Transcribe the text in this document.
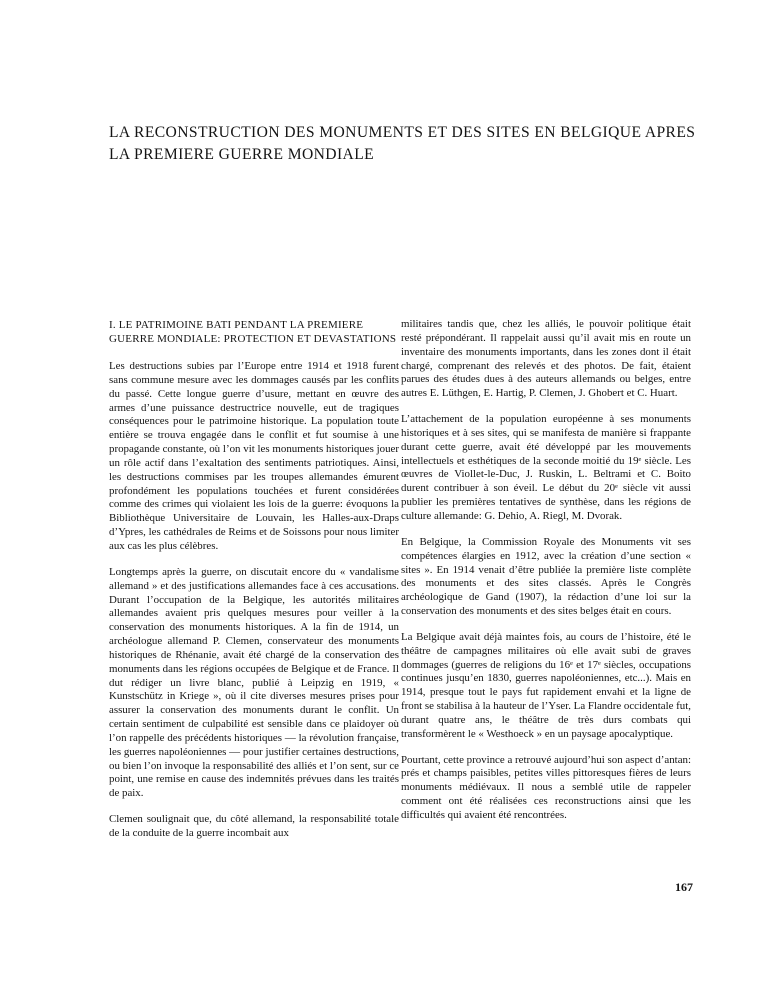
LA RECONSTRUCTION DES MONUMENTS ET DES SITES EN BELGIQUE APRES LA PREMIERE GUERRE MONDIALE
I. LE PATRIMOINE BATI PENDANT LA PREMIERE GUERRE MONDIALE: PROTECTION ET DEVASTATIONS

Les destructions subies par l’Europe entre 1914 et 1918 furent sans commune mesure avec les dommages causés par les conflits du passé. Cette longue guerre d’usure, mettant en œuvre des armes d’une puissance destructrice nouvelle, eut de tragiques conséquences pour le patrimoine historique. La population toute entière se trouva engagée dans le conflit et fut soumise à une propagande constante, où l’on vit les monuments historiques jouer un rôle actif dans l’exaltation des sentiments patriotiques. Ainsi, les destructions commises par les troupes allemandes émurent profondément les populations touchées et furent considérées comme des crimes qui violaient les lois de la guerre: évoquons la Bibliothèque Universitaire de Louvain, les Halles-aux-Draps d’Ypres, les cathédrales de Reims et de Soissons pour nous limiter aux cas les plus célèbres.

Longtemps après la guerre, on discutait encore du « vandalisme allemand » et des justifications allemandes face à ces accusations. Durant l’occupation de la Belgique, les autorités militaires allemandes avaient pris quelques mesures pour veiller à la conservation des monuments historiques. A la fin de 1914, un archéologue allemand P. Clemen, conservateur des monuments historiques de Rhénanie, avait été chargé de la conservation des monuments dans les régions occupées de Belgique et de France. Il dut rédiger un livre blanc, publié à Leipzig en 1919, « Kunstschütz in Kriege », où il cite diverses mesures prises pour assurer la conservation des monuments durant le conflit. Un certain sentiment de culpabilité est sensible dans ce plaidoyer où l’on rappelle des précédents historiques — la révolution française, les guerres napoléoniennes — pour justifier certaines destructions, ou bien l’on invoque la responsabilité des alliés et l’on sent, sur ce point, une remise en cause des indemnités prévues dans les traités de paix.

Clemen soulignait que, du côté allemand, la responsabilité totale de la conduite de la guerre incombait aux

militaires tandis que, chez les alliés, le pouvoir politique était resté prépondérant. Il rappelait aussi qu’il avait mis en route un inventaire des monuments importants, dans les zones dont il était chargé, comprenant des relevés et des photos. De fait, étaient parues des études dues à des auteurs allemands ou belges, entre autres E. Lüthgen, E. Hartig, P. Clemen, J. Ghobert et C. Huart.

L’attachement de la population européenne à ses monuments historiques et à ses sites, qui se manifesta de manière si frappante durant cette guerre, avait été développé par les mouvements intellectuels et esthétiques de la seconde moitié du 19ᵉ siècle. Les œuvres de Viollet-le-Duc, J. Ruskin, L. Beltrami et C. Boito durent contribuer à son éveil. Le début du 20ᵉ siècle vit aussi publier les premières tentatives de synthèse, dans les régions de culture allemande: G. Dehio, A. Riegl, M. Dvorak.

En Belgique, la Commission Royale des Monuments vit ses compétences élargies en 1912, avec la création d’une section « sites ». En 1914 venait d’être publiée la première liste complète des monuments et des sites classés. Après le Congrès archéologique de Gand (1907), la rédaction d’une loi sur la conservation des monuments et des sites belges était en cours.

La Belgique avait déjà maintes fois, au cours de l’histoire, été le théâtre de campagnes militaires où elle avait subi de graves dommages (guerres de religions du 16ᵉ et 17ᵉ siècles, occupations continues jusqu’en 1830, guerres napoléoniennes, etc...). Mais en 1914, presque tout le pays fut rapidement envahi et la ligne de front se stabilisa à la hauteur de l’Yser. La Flandre occidentale fut, durant quatre ans, le théâtre de très durs combats qui transformèrent le « Westhoeck » en un paysage apocalyptique.

Pourtant, cette province a retrouvé aujourd’hui son aspect d’antan: prés et champs paisibles, petites villes pittoresques fières de leurs monuments médiévaux. Il nous a semblé utile de rappeler comment ont été réalisées ces reconstructions ainsi que les difficultés qui avaient été rencontrées.

167
